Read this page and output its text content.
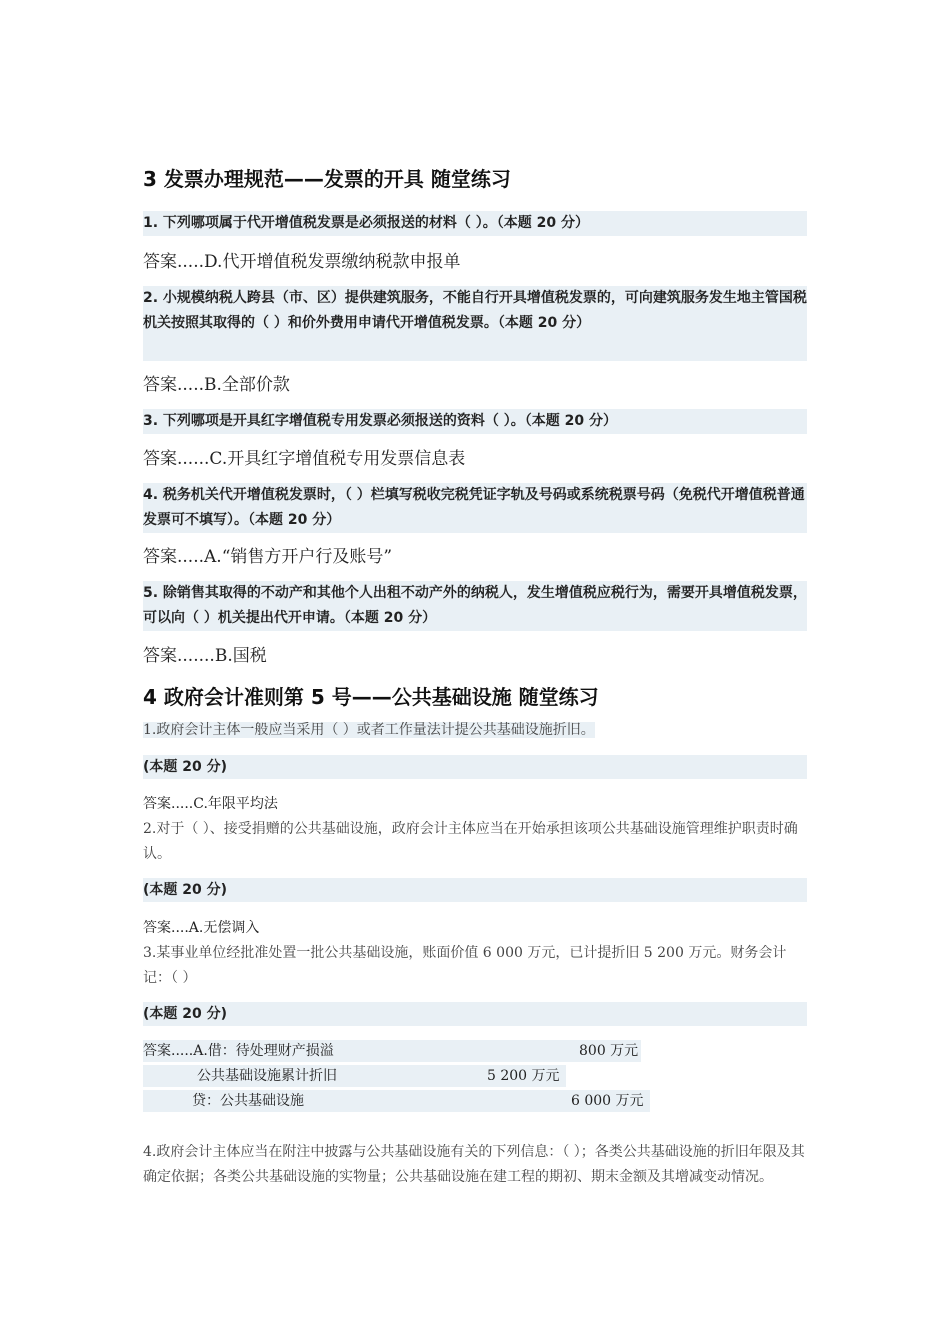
3 发票办理规范——发票的开具 随堂练习
1. 下列哪项属于代开增值税发票是必须报送的材料（ ）。（本题 20 分）
答案.....D.代开增值税发票缴纳税款申报单
2. 小规模纳税人跨县（市、区）提供建筑服务，不能自行开具增值税发票的，可向建筑服务发生地主管国税机关按照其取得的（ ）和价外费用申请代开增值税发票。（本题 20 分）
答案.....B.全部价款
3. 下列哪项是开具红字增值税专用发票必须报送的资料（ ）。（本题 20 分）
答案......C.开具红字增值税专用发票信息表
4. 税务机关代开增值税发票时，（ ）栏填写税收完税凭证字轨及号码或系统税票号码（免税代开增值税普通发票可不填写）。（本题 20 分）
答案.....A.“销售方开户行及账号”
5. 除销售其取得的不动产和其他个人出租不动产外的纳税人，发生增值税应税行为，需要开具增值税发票，可以向（ ）机关提出代开申请。（本题 20 分）
答案.......B.国税
4 政府会计准则第 5 号——公共基础设施 随堂练习
1.政府会计主体一般应当采用（ ）或者工作量法计提公共基础设施折旧。
(本题 20 分)
答案.....C.年限平均法
2.对于（ ）、接受捐赠的公共基础设施，政府会计主体应当在开始承担该项公共基础设施管理维护职责时确认。
(本题 20 分)
答案....A.无偿调入
3.某事业单位经批准处置一批公共基础设施，账面价值 6 000 万元，已计提折旧 5 200 万元。财务会计记：（ ）
(本题 20 分)
答案.....A.借：待处理财产损溢	800 万元
公共基础设施累计折旧	5 200 万元
贷：公共基础设施	6 000 万元
4.政府会计主体应当在附注中披露与公共基础设施有关的下列信息：（ ）；各类公共基础设施的折旧年限及其确定依据；各类公共基础设施的实物量；公共基础设施在建工程的期初、期末金额及其增减变动情况。
